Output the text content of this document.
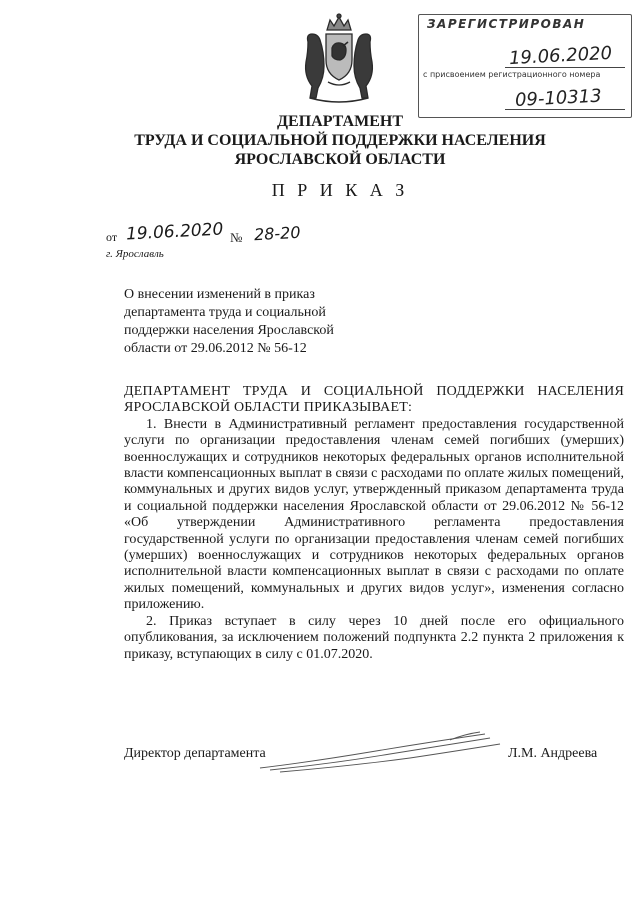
ЗАРЕГИСТРИРОВАН
19.06.2020
с присвоением регистрационного номера
09-10313
ДЕПАРТАМЕНТ
ТРУДА И СОЦИАЛЬНОЙ ПОДДЕРЖКИ НАСЕЛЕНИЯ
ЯРОСЛАВСКОЙ ОБЛАСТИ
П Р И К А З
от 19.06.2020 № 28-20
г. Ярославль
О внесении изменений в приказ департамента труда и социальной поддержки населения Ярославской области от 29.06.2012 № 56-12

ДЕПАРТАМЕНТ ТРУДА И СОЦИАЛЬНОЙ ПОДДЕРЖКИ НАСЕЛЕНИЯ ЯРОСЛАВСКОЙ ОБЛАСТИ ПРИКАЗЫВАЕТ:

1. Внести в Административный регламент предоставления государственной услуги по организации предоставления членам семей погибших (умерших) военнослужащих и сотрудников некоторых федеральных органов исполнительной власти компенсационных выплат в связи с расходами по оплате жилых помещений, коммунальных и других видов услуг, утвержденный приказом департамента труда и социальной поддержки населения Ярославской области от 29.06.2012 № 56-12 «Об утверждении Административного регламента предоставления государственной услуги по организации предоставления членам семей погибших (умерших) военнослужащих и сотрудников некоторых федеральных органов исполнительной власти компенсационных выплат в связи с расходами по оплате жилых помещений, коммунальных и других видов услуг», изменения согласно приложению.

2. Приказ вступает в силу через 10 дней после его официального опубликования, за исключением положений подпункта 2.2 пункта 2 приложения к приказу, вступающих в силу с 01.07.2020.

Директор департамента	Л.М. Андреева
